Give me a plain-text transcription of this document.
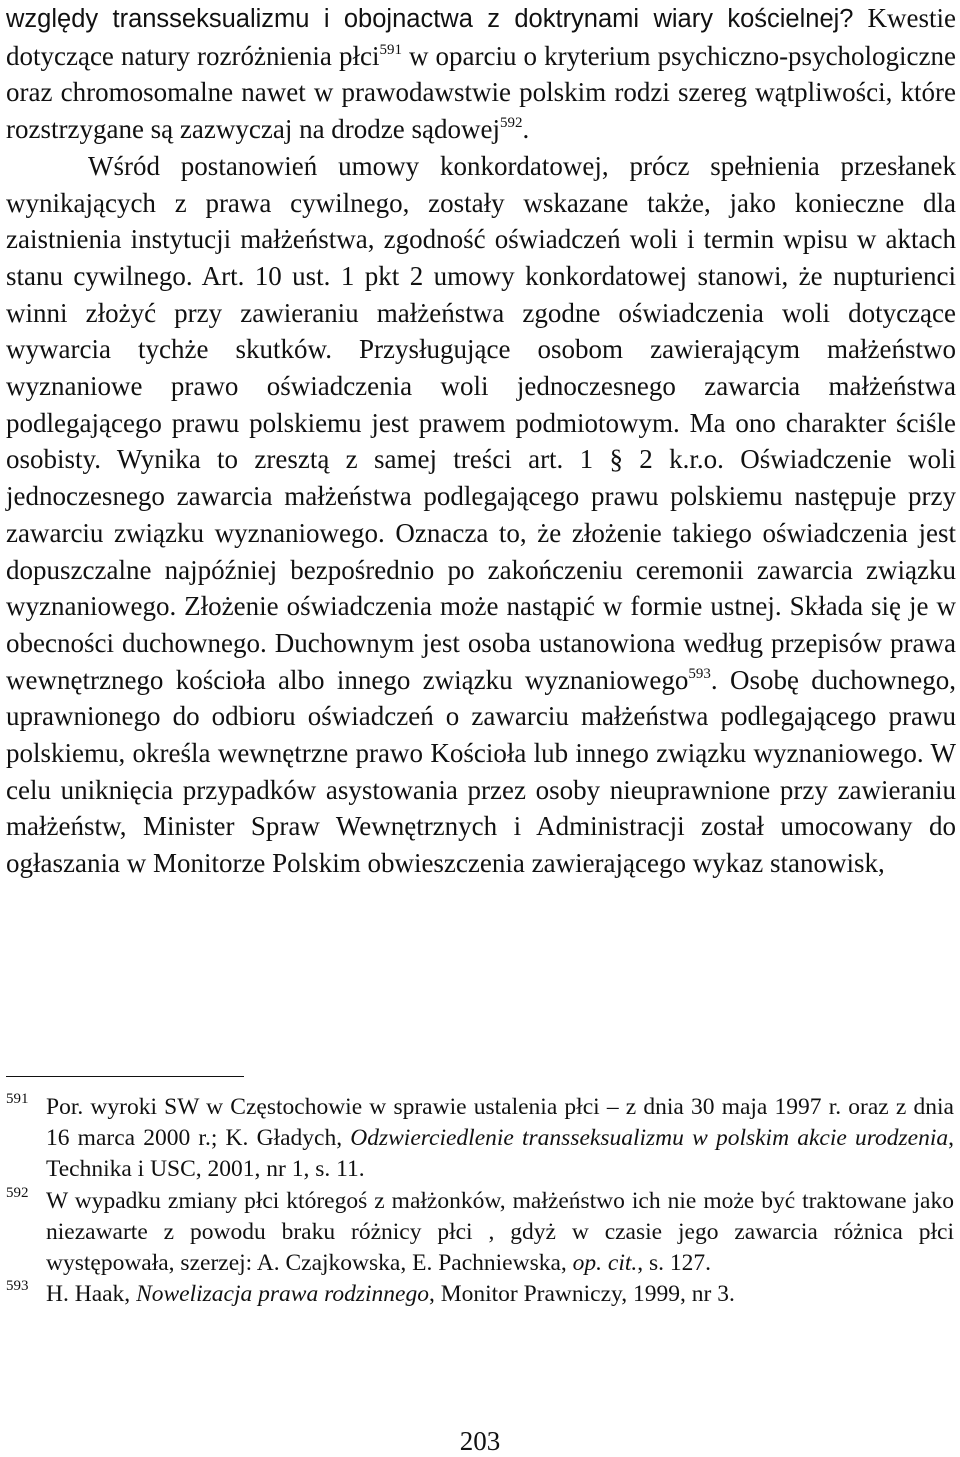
względy transseksualizmu i obojnactwa z doktrynami wiary kościelnej? Kwestie dotyczące natury rozróżnienia płci$^{591}$ w oparciu o kryterium psychiczno-psychologiczne oraz chromosomalne nawet w prawodawstwie polskim rodzi szereg wątpliwości, które rozstrzygane są zazwyczaj na drodze sądowej$^{592}$.

Wśród postanowień umowy konkordatowej, prócz spełnienia przesłanek wynikających z prawa cywilnego, zostały wskazane także, jako konieczne dla zaistnienia instytucji małżeństwa, zgodność oświadczeń woli i termin wpisu w aktach stanu cywilnego. Art. 10 ust. 1 pkt 2 umowy konkordatowej stanowi, że nupturienci winni złożyć przy zawieraniu małżeństwa zgodne oświadczenia woli dotyczące wywarcia tychże skutków. Przysługujące osobom zawierającym małżeństwo wyznaniowe prawo oświadczenia woli jednoczesnego zawarcia małżeństwa podlegającego prawu polskiemu jest prawem podmiotowym. Ma ono charakter ściśle osobisty. Wynika to zresztą z samej treści art. 1 § 2 k.r.o. Oświadczenie woli jednoczesnego zawarcia małżeństwa podlegającego prawu polskiemu następuje przy zawarciu związku wyznaniowego. Oznacza to, że złożenie takiego oświadczenia jest dopuszczalne najpóźniej bezpośrednio po zakończeniu ceremonii zawarcia związku wyznaniowego. Złożenie oświadczenia może nastąpić w formie ustnej. Składa się je w obecności duchownego. Duchownym jest osoba ustanowiona według przepisów prawa wewnętrznego kościoła albo innego związku wyznaniowego$^{593}$. Osobę duchownego, uprawnionego do odbioru oświadczeń o zawarciu małżeństwa podlegającego prawu polskiemu, określa wewnętrzne prawo Kościoła lub innego związku wyznaniowego. W celu uniknięcia przypadków asystowania przez osoby nieuprawnione przy zawieraniu małżeństw, Minister Spraw Wewnętrznych i Administracji został umocowany do ogłaszania w Monitorze Polskim obwieszczenia zawierającego wykaz stanowisk,

591 Por. wyroki SW w Częstochowie w sprawie ustalenia płci – z dnia 30 maja 1997 r. oraz z dnia 16 marca 2000 r.; K. Gładych, Odzwierciedlenie transseksualizmu w polskim akcie urodzenia, Technika i USC, 2001, nr 1, s. 11.

592 W wypadku zmiany płci któregoś z małżonków, małżeństwo ich nie może być traktowane jako niezawarte z powodu braku różnicy płci , gdyż w czasie jego zawarcia różnica płci występowała, szerzej: A. Czajkowska, E. Pachniewska, op. cit., s. 127.

593 H. Haak, Nowelizacja prawa rodzinnego, Monitor Prawniczy, 1999, nr 3.

203
